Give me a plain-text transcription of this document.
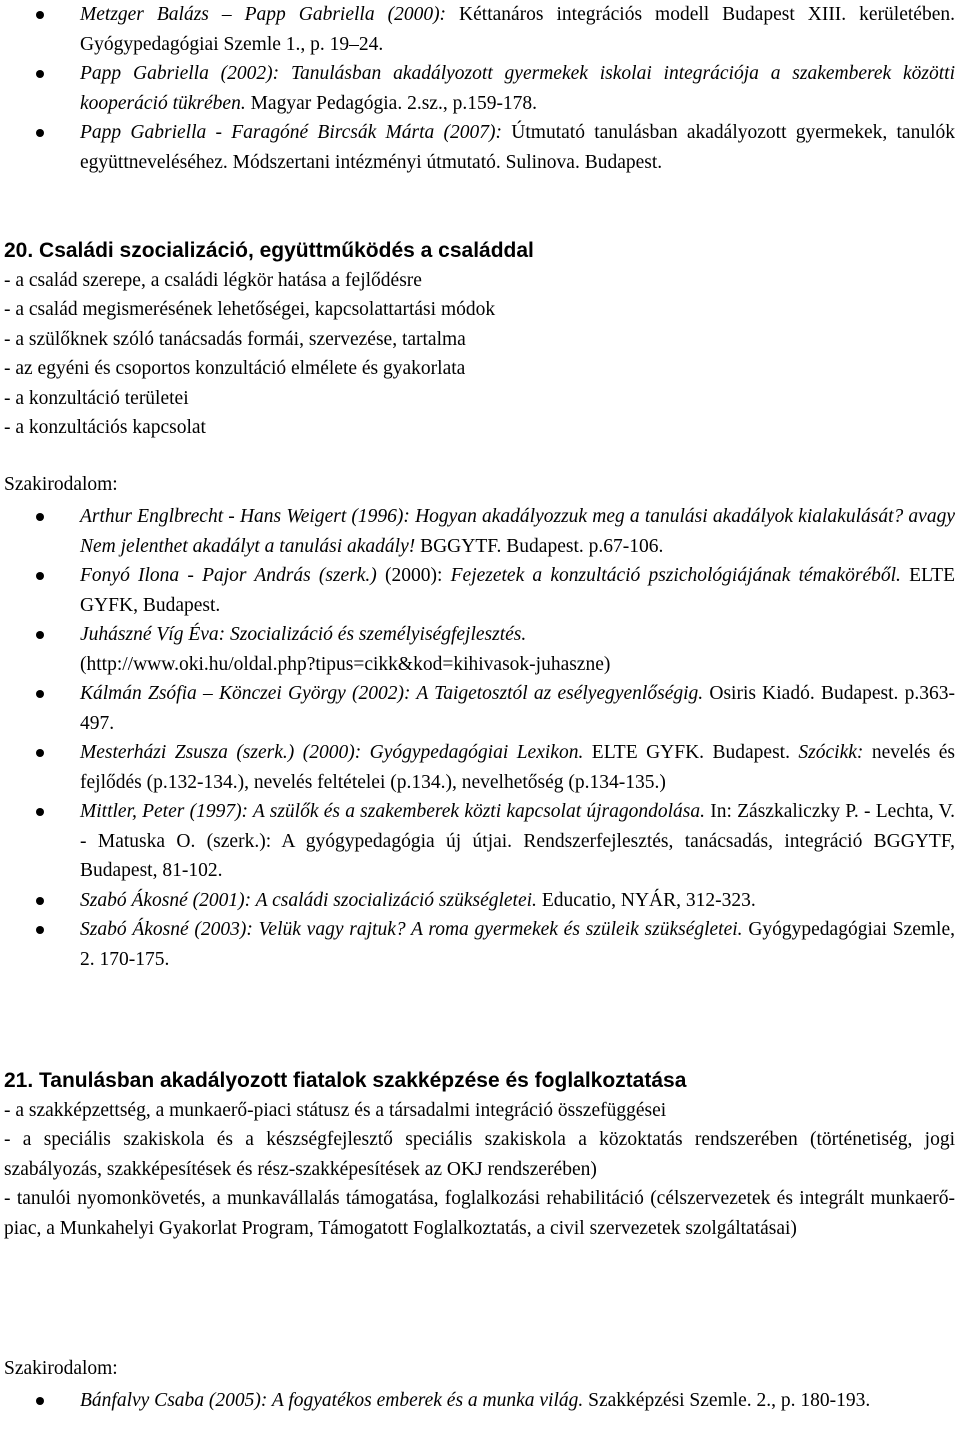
Metzger Balázs – Papp Gabriella (2000): Kéttanáros integrációs modell Budapest XIII. kerületében. Gyógypedagógiai Szemle 1., p. 19–24.
Papp Gabriella (2002): Tanulásban akadályozott gyermekek iskolai integrációja a szakemberek közötti kooperáció tükrében. Magyar Pedagógia. 2.sz., p.159-178.
Papp Gabriella - Faragóné Bircsák Márta (2007): Útmutató tanulásban akadályozott gyermekek, tanulók együttneveléséhez. Módszertani intézményi útmutató. Sulinova. Budapest.
20. Családi szocializáció, együttműködés a családdal
- a család szerepe, a családi légkör hatása a fejlődésre
- a család megismerésének lehetőségei, kapcsolattartási módok
- a szülőknek szóló tanácsadás formái, szervezése, tartalma
- az egyéni és csoportos konzultáció elmélete és gyakorlata
- a konzultáció területei
- a konzultációs kapcsolat
Szakirodalom:
Arthur Englbrecht - Hans Weigert (1996): Hogyan akadályozzuk meg a tanulási akadályok kialakulását? avagy Nem jelenthet akadályt a tanulási akadály! BGGYTF. Budapest. p.67-106.
Fonyó Ilona - Pajor András (szerk.) (2000): Fejezetek a konzultáció pszichológiájának témaköréből. ELTE GYFK, Budapest.
Juhászné Víg Éva: Szocializáció és személyiségfejlesztés.
(http://www.oki.hu/oldal.php?tipus=cikk&kod=kihivasok-juhaszne)
Kálmán Zsófia – Könczei György (2002): A Taigetosztól az esélyegyenlőségig. Osiris Kiadó. Budapest. p.363-497.
Mesterházi Zsusza (szerk.) (2000): Gyógypedagógiai Lexikon. ELTE GYFK. Budapest. Szócikk: nevelés és fejlődés (p.132-134.), nevelés feltételei (p.134.), nevelhetőség (p.134-135.)
Mittler, Peter (1997): A szülők és a szakemberek közti kapcsolat újragondolása. In: Zászkaliczky P. - Lechta, V. - Matuska O. (szerk.): A gyógypedagógia új útjai. Rendszerfejlesztés, tanácsadás, integráció BGGYTF, Budapest, 81-102.
Szabó Ákosné (2001): A családi szocializáció szükségletei. Educatio, NYÁR, 312-323.
Szabó Ákosné (2003): Velük vagy rajtuk? A roma gyermekek és szüleik szükségletei. Gyógypedagógiai Szemle, 2. 170-175.
21. Tanulásban akadályozott fiatalok szakképzése és foglalkoztatása
- a szakképzettség, a munkaerő-piaci státusz és a társadalmi integráció összefüggései
- a speciális szakiskola és a készségfejlesztő speciális szakiskola a közoktatás rendszerében (történetiség, jogi szabályozás, szakképesítések és rész-szakképesítések az OKJ rendszerében)
- tanulói nyomonkövetés, a munkavállalás támogatása, foglalkozási rehabilitáció (célszervezetek és integrált munkaerő-piac, a Munkahelyi Gyakorlat Program, Támogatott Foglalkoztatás, a civil szervezetek szolgáltatásai)
Szakirodalom:
Bánfalvy Csaba (2005): A fogyatékos emberek és a munka világ. Szakképzési Szemle. 2., p. 180-193.
